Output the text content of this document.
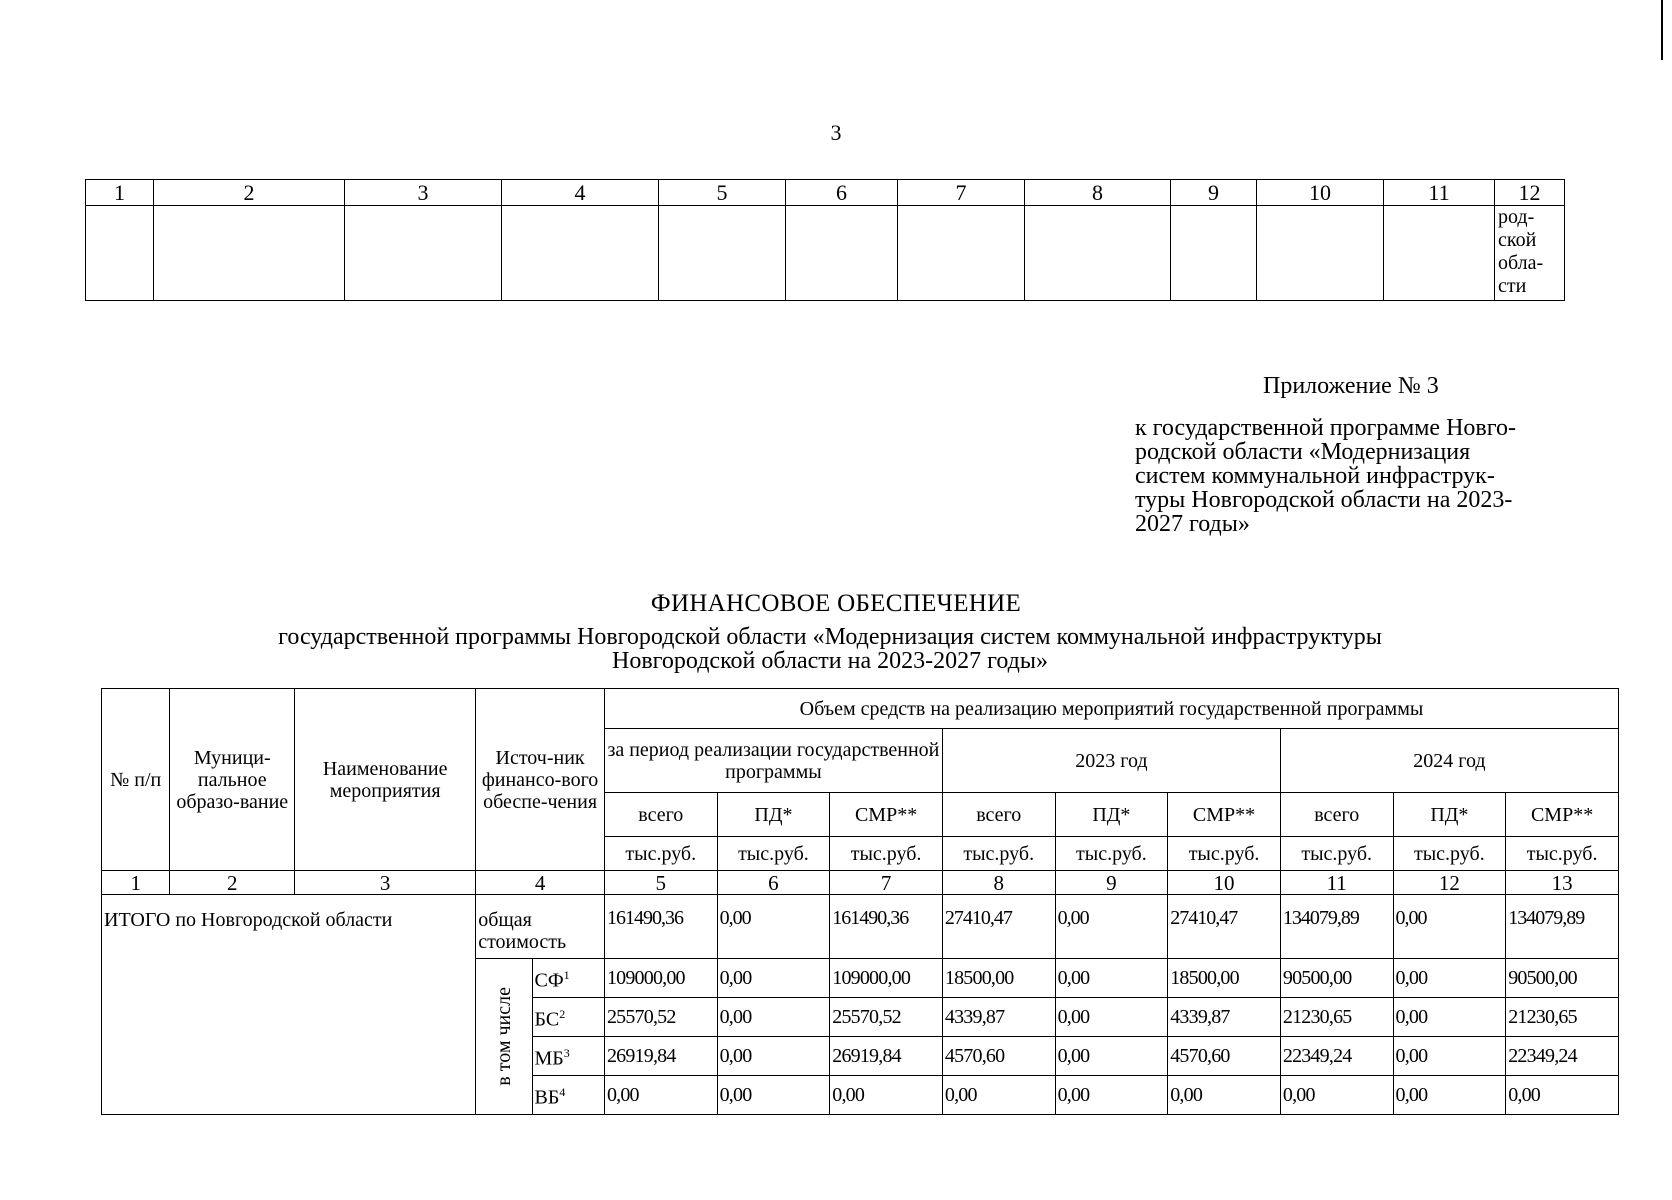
3
1	2	3	4	5	6	7	8	9	10	11	12

											род-
ской
обла-
сти
Приложение № 3
к государственной программе Новго-
родской области «Модернизация
систем коммунальной инфраструк-
туры Новгородской области на 2023-
2027 годы»
ФИНАНСОВОЕ ОБЕСПЕЧЕНИЕ
государственной программы Новгородской области «Модернизация систем коммунальной инфраструктуры
Новгородской области на 2023-2027 годы»
№ п/п	Муници-пальное образо-вание	Наименование мероприятия	Источ-ник финансо-вого обеспе-чения		Объем средств на реализацию мероприятий государственной программы								
					за период реализации государственной программы			2023 год			2024 год		
					всего	ПД*	СМР**	всего	ПД*	СМР**	всего	ПД*	СМР**
					тыс.руб.	тыс.руб.	тыс.руб.	тыс.руб.	тыс.руб.	тыс.руб.	тыс.руб.	тыс.руб.	тыс.руб.
1	2	3	4		5	6	7	8	9	10	11	12	13
ИТОГО по Новгородской области			общая стоимость		161490,36	0,00	161490,36	27410,47	0,00	27410,47	134079,89	0,00	134079,89

			в том числе	$СФ^1$	109000,00	0,00	109000,00	18500,00	0,00	18500,00	90500,00	0,00	90500,00
				$БС^2$	25570,52	0,00	25570,52	4339,87	0,00	4339,87	21230,65	0,00	21230,65
				$МБ^3$	26919,84	0,00	26919,84	4570,60	0,00	4570,60	22349,24	0,00	22349,24
				$ВБ^4$	0,00	0,00	0,00	0,00	0,00	0,00	0,00	0,00	0,00
